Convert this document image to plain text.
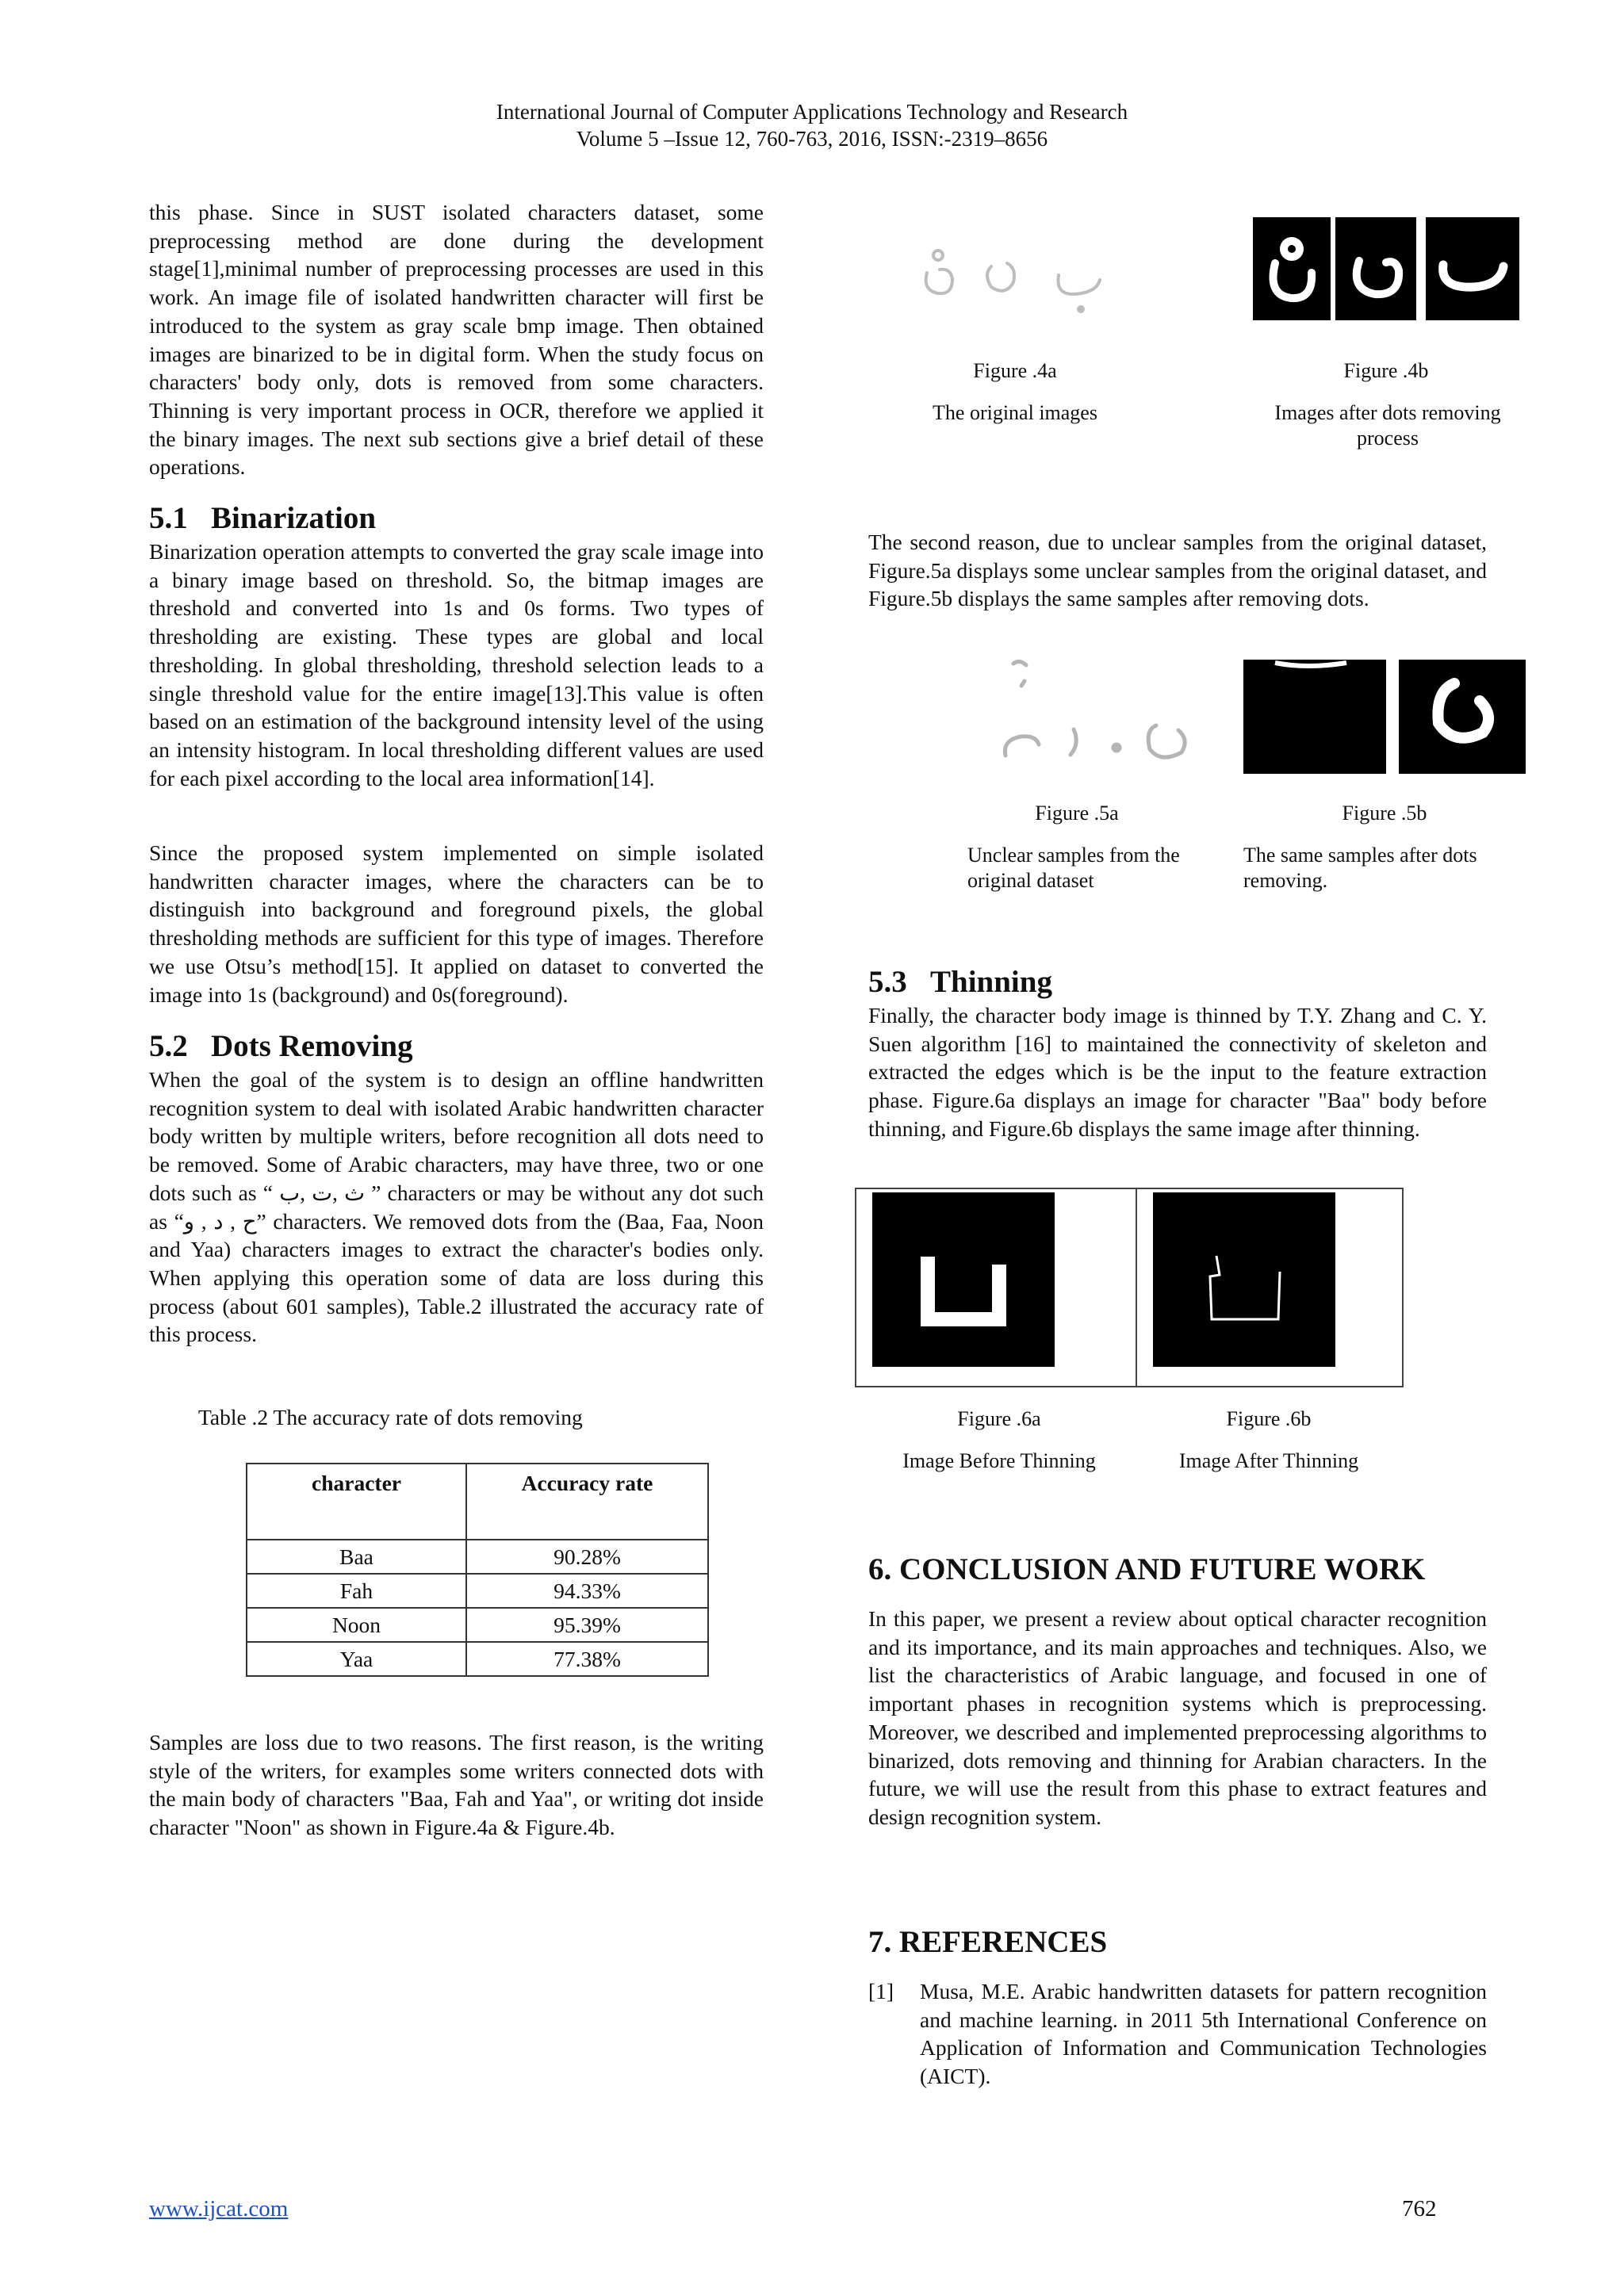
International Journal of Computer Applications Technology and Research
Volume 5 –Issue 12, 760-763, 2016, ISSN:-2319–8656

this phase. Since in SUST isolated characters dataset, some preprocessing method are done during the development stage[1],minimal number of preprocessing processes are used in this work. An image file of isolated handwritten character will first be introduced to the system as gray scale bmp image. Then obtained images are binarized to be in digital form. When the study focus on characters' body only, dots is removed from some characters. Thinning is very important process in OCR, therefore we applied it the binary images. The next sub sections give a brief detail of these operations.

5.1 Binarization

Binarization operation attempts to converted the gray scale image into a binary image based on threshold. So, the bitmap images are threshold and converted into 1s and 0s forms. Two types of thresholding are existing. These types are global and local thresholding. In global thresholding, threshold selection leads to a single threshold value for the entire image[13].This value is often based on an estimation of the background intensity level of the using an intensity histogram. In local thresholding different values are used for each pixel according to the local area information[14].

Since the proposed system implemented on simple isolated handwritten character images, where the characters can be to distinguish into background and foreground pixels, the global thresholding methods are sufficient for this type of images. Therefore we use Otsu’s method[15]. It applied on dataset to converted the image into 1s (background) and 0s(foreground).

5.2 Dots Removing

When the goal of the system is to design an offline handwritten recognition system to deal with isolated Arabic handwritten character body written by multiple writers, before recognition all dots need to be removed. Some of Arabic characters, may have three, two or one dots such as “ ث ,ت ,ب ” characters or may be without any dot such as “ح , د , و” characters. We removed dots from the (Baa, Faa, Noon and Yaa) characters images to extract the character's bodies only. When applying this operation some of data are loss during this process (about 601 samples), Table.2 illustrated the accuracy rate of this process.

Table .2 The accuracy rate of dots removing
character	Accuracy rate
Baa	90.28%
Fah	94.33%
Noon	95.39%
Yaa	77.38%

Samples are loss due to two reasons. The first reason, is the writing style of the writers, for examples some writers connected dots with the main body of characters "Baa, Fah and Yaa", or writing dot inside character "Noon" as shown in Figure.4a & Figure.4b.

Figure .4a
The original images
Figure .4b
Images after dots removing process

The second reason, due to unclear samples from the original dataset, Figure.5a displays some unclear samples from the original dataset, and Figure.5b displays the same samples after removing dots.

Figure .5a
Unclear samples from the original dataset
Figure .5b
The same samples after dots removing.
5.3 Thinning

Finally, the character body image is thinned by T.Y. Zhang and C. Y. Suen algorithm [16] to maintained the connectivity of skeleton and extracted the edges which is be the input to the feature extraction phase. Figure.6a displays an image for character "Baa" body before thinning, and Figure.6b displays the same image after thinning.

Figure .6a
Image Before Thinning
Figure .6b
Image After Thinning
6. CONCLUSION AND FUTURE WORK

In this paper, we present a review about optical character recognition and its importance, and its main approaches and techniques. Also, we list the characteristics of Arabic language, and focused in one of important phases in recognition systems which is preprocessing. Moreover, we described and implemented preprocessing algorithms to binarized, dots removing and thinning for Arabian characters. In the future, we will use the result from this phase to extract features and design recognition system.

7. REFERENCES
[1]	Musa, M.E. Arabic handwritten datasets for pattern recognition and machine learning. in 2011 5th International Conference on Application of Information and Communication Technologies (AICT).

www.ijcat.com	762
